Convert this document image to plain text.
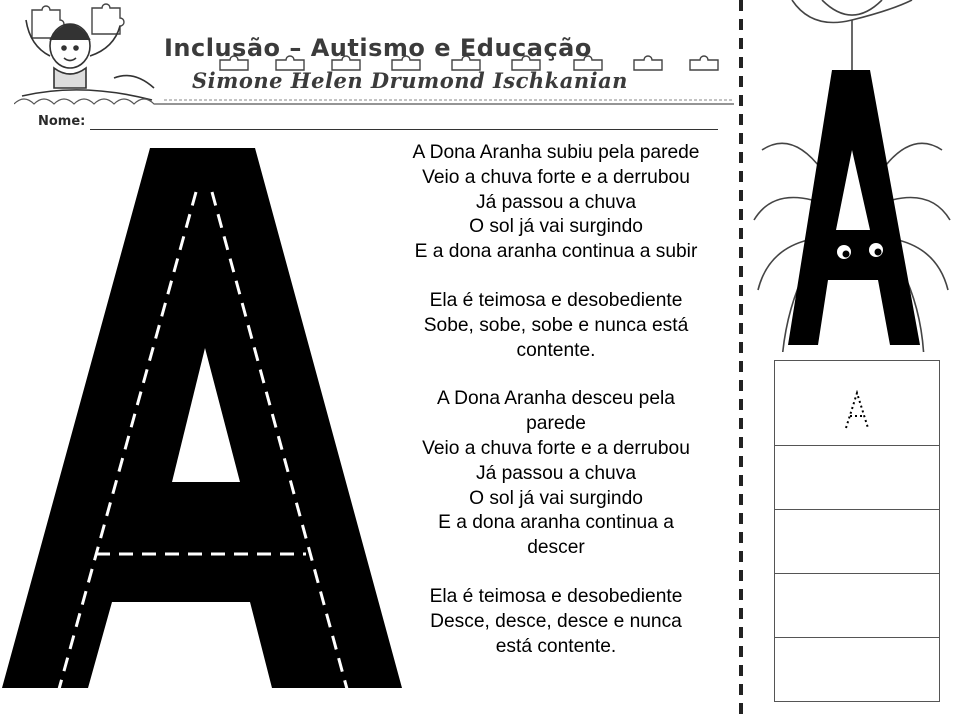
Inclusão – Autismo e Educação
Simone Helen Drumond Ischkanian
Nome:

A Dona Aranha subiu pela parede
Veio a chuva forte e a derrubou
Já passou a chuva
O sol já vai surgindo
E a dona aranha continua a subir

Ela é teimosa e desobediente
Sobe, sobe, sobe e nunca está
contente.

A Dona Aranha desceu pela
parede
Veio a chuva forte e a derrubou
Já passou a chuva
O sol já vai surgindo
E a dona aranha continua a
descer

Ela é teimosa e desobediente
Desce, desce, desce e nunca
está contente.
